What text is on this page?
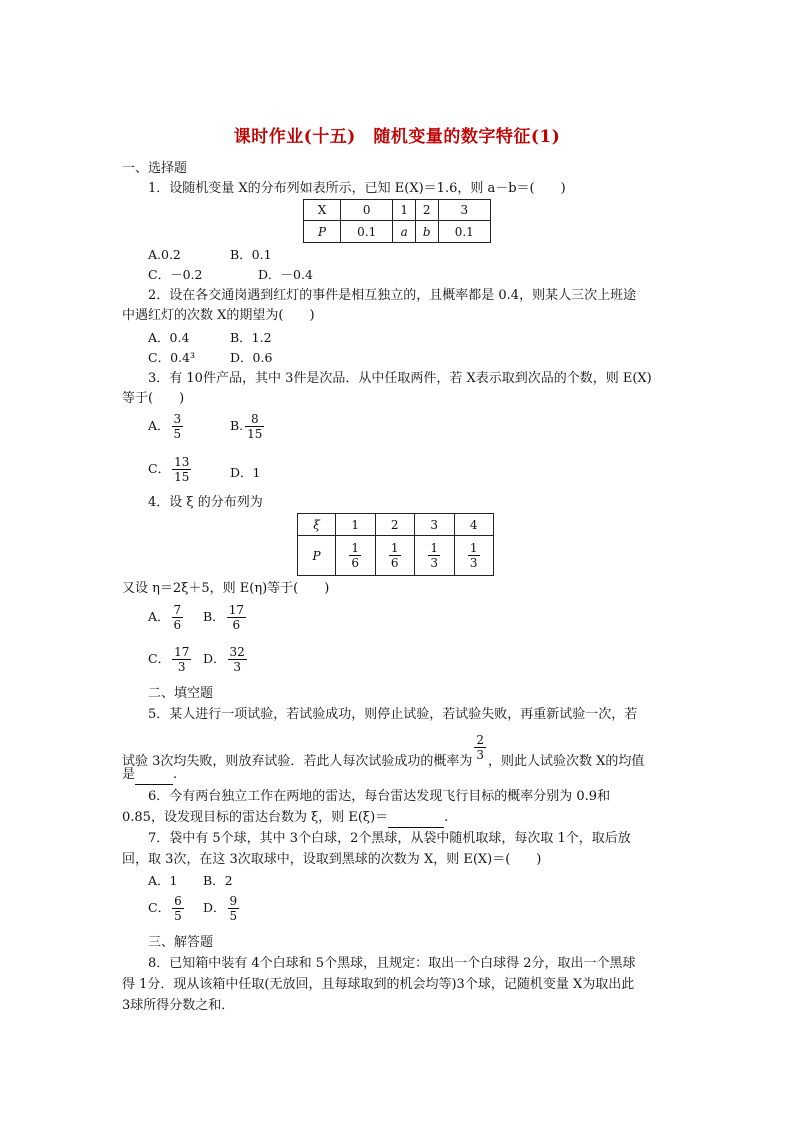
课时作业(十五)　随机变量的数字特征(1)
一、选择题
1．设随机变量 X的分布列如表所示，已知 E(X)＝1.6，则 a－b＝(　　)
X	0	1	2	3
P	0.1	a	b	0.1
A.0.2	B．0.1
C．－0.2	D．－0.4
2．设在各交通岗遇到红灯的事件是相互独立的，且概率都是 0.4，则某人三次上班途
中遇红灯的次数 X的期望为(　　)
A．0.4	B．1.2
C．0.4³	D．0.6
3．有 10件产品，其中 3件是次品．从中任取两件，若 X表示取到次品的个数，则 E(X)
等于(　　)
A． $\frac{3}{5}$	B. $\frac{8}{15}$
C． $\frac{13}{15}$	D．1
4．设 ξ 的分布列为
ξ	1	2	3	4
P	$\frac{1}{6}$	$\frac{1}{6}$	$\frac{1}{3}$	$\frac{1}{3}$
又设 η＝2ξ＋5，则 E(η)等于(　　)
A． $\frac{7}{6}$ B． $\frac{17}{6}$
C． $\frac{17}{3}$ D． $\frac{32}{3}$
二、填空题
5．某人进行一项试验，若试验成功，则停止试验，若试验失败，再重新试验一次，若
试验 3次均失败，则放弃试验．若此人每次试验成功的概率为 $\frac{2}{3}$ ，则此人试验次数 X的均值
是	.
6．今有两台独立工作在两地的雷达，每台雷达发现飞行目标的概率分别为 0.9和
0.85，设发现目标的雷达台数为 ξ，则 E(ξ)＝	.
7．袋中有 5个球，其中 3个白球，2个黑球，从袋中随机取球，每次取 1个，取后放
回，取 3次，在这 3次取球中，设取到黑球的次数为 X，则 E(X)＝(　　)
A．1 B．2
C． $\frac{6}{5}$ D． $\frac{9}{5}$
三、解答题
8．已知箱中装有 4个白球和 5个黑球，且规定：取出一个白球得 2分，取出一个黑球
得 1分．现从该箱中任取(无放回，且每球取到的机会均等)3个球，记随机变量 X为取出此
3球所得分数之和．
